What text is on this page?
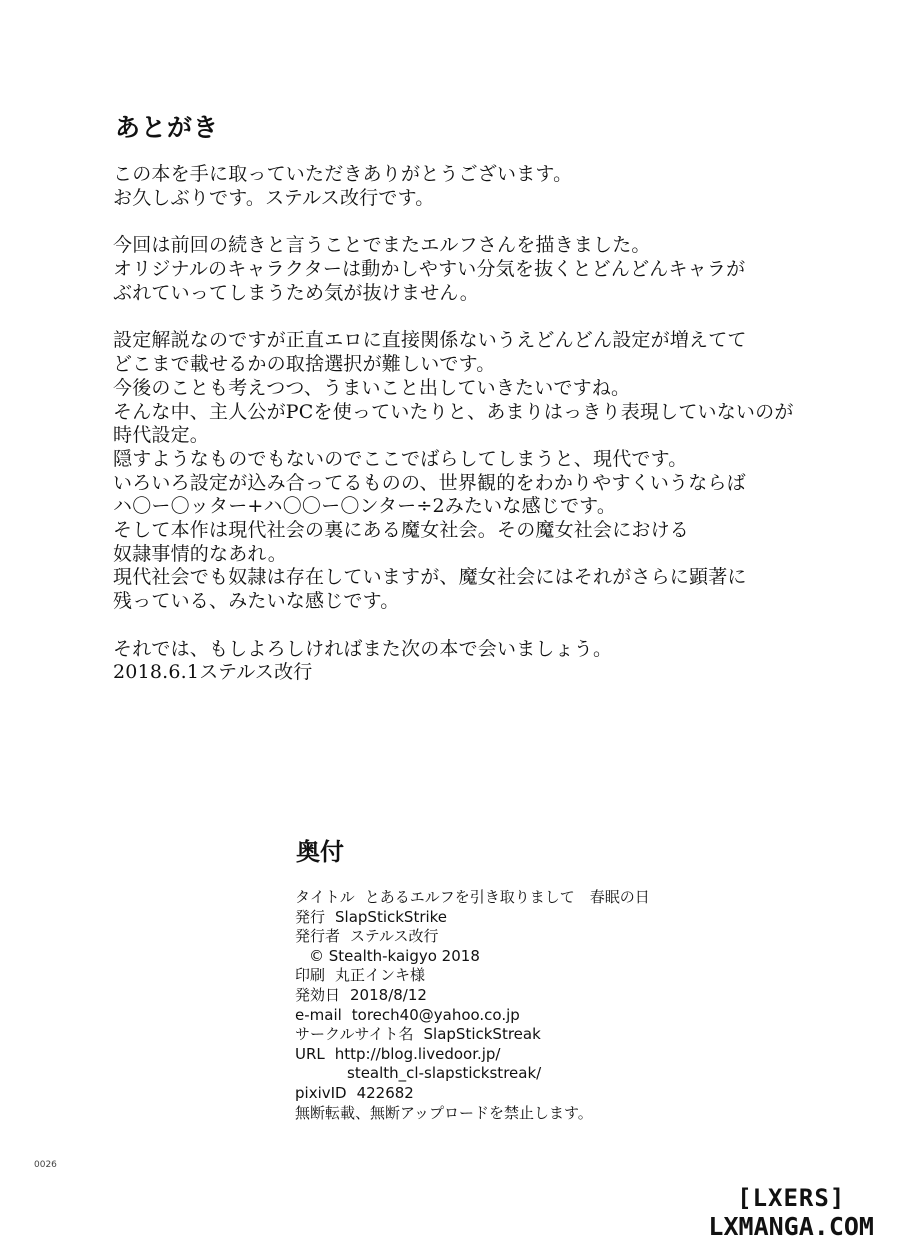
あとがき
この本を手に取っていただきありがとうございます。
お久しぶりです。ステルス改行です。
今回は前回の続きと言うことでまたエルフさんを描きました。
オリジナルのキャラクターは動かしやすい分気を抜くとどんどんキャラが
ぶれていってしまうため気が抜けません。
設定解説なのですが正直エロに直接関係ないうえどんどん設定が増えてて
どこまで載せるかの取捨選択が難しいです。
今後のことも考えつつ、うまいこと出していきたいですね。
そんな中、主人公がPCを使っていたりと、あまりはっきり表現していないのが
時代設定。
隠すようなものでもないのでここでばらしてしまうと、現代です。
いろいろ設定が込み合ってるものの、世界観的をわかりやすくいうならば
ハ〇ー〇ッター+ハ〇〇ー〇ンター÷2みたいな感じです。
そして本作は現代社会の裏にある魔女社会。その魔女社会における
奴隷事情的なあれ。
現代社会でも奴隷は存在していますが、魔女社会にはそれがさらに顕著に
残っている、みたいな感じです。
それでは、もしよろしければまた次の本で会いましょう。
2018.6.1ステルス改行
奥付
タイトル とあるエルフを引き取りまして　春眠の日
発行 SlapStickStrike
発行者 ステルス改行
© Stealth-kaigyo 2018
印刷 丸正インキ様
発効日 2018/8/12
e-mail torech40@yahoo.co.jp
サークルサイト名 SlapStickStreak
URL http://blog.livedoor.jp/
stealth_cl-slapstickstreak/
pixivID 422682
無断転載、無断アップロードを禁止します。
0026
[LXERS]
LXMANGA.COM
